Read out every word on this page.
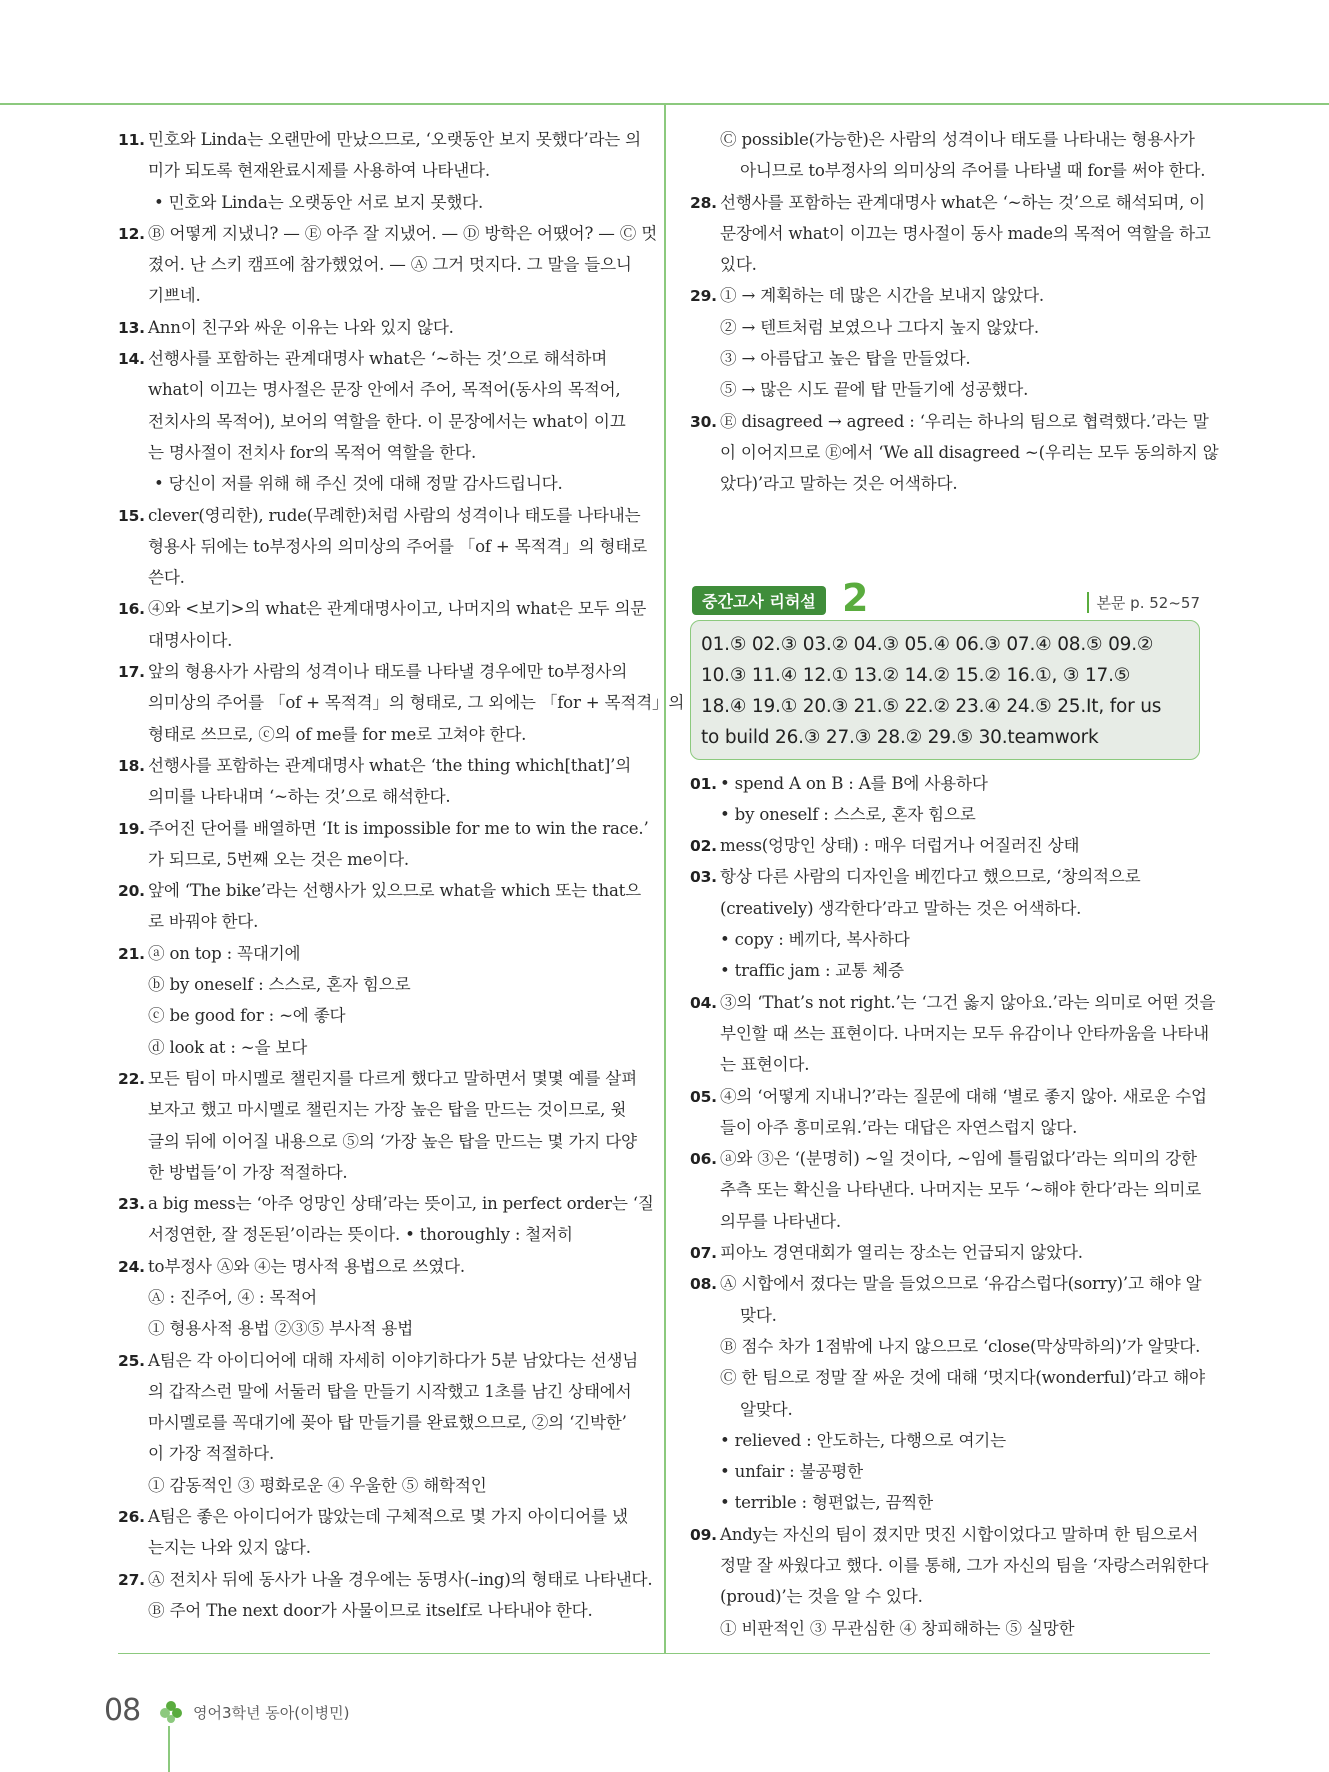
11. 민호와 Linda는 오랜만에 만났으므로, ‘오랫동안 보지 못했다’라는 의
미가 되도록 현재완료시제를 사용하여 나타낸다.
• 민호와 Linda는 오랫동안 서로 보지 못했다.
12. Ⓑ 어떻게 지냈니? — Ⓔ 아주 잘 지냈어. — Ⓓ 방학은 어땠어? — Ⓒ 멋
졌어. 난 스키 캠프에 참가했었어. — Ⓐ 그거 멋지다. 그 말을 들으니
기쁘네.
13. Ann이 친구와 싸운 이유는 나와 있지 않다.
14. 선행사를 포함하는 관계대명사 what은 ‘~하는 것’으로 해석하며
what이 이끄는 명사절은 문장 안에서 주어, 목적어(동사의 목적어,
전치사의 목적어), 보어의 역할을 한다. 이 문장에서는 what이 이끄
는 명사절이 전치사 for의 목적어 역할을 한다.
• 당신이 저를 위해 해 주신 것에 대해 정말 감사드립니다.
15. clever(영리한), rude(무례한)처럼 사람의 성격이나 태도를 나타내는
형용사 뒤에는 to부정사의 의미상의 주어를 「of + 목적격」의 형태로
쓴다.
16. ④와 <보기>의 what은 관계대명사이고, 나머지의 what은 모두 의문
대명사이다.
17. 앞의 형용사가 사람의 성격이나 태도를 나타낼 경우에만 to부정사의
의미상의 주어를 「of + 목적격」의 형태로, 그 외에는 「for + 목적격」의
형태로 쓰므로, ⓒ의 of me를 for me로 고쳐야 한다.
18. 선행사를 포함하는 관계대명사 what은 ‘the thing which[that]’의
의미를 나타내며 ‘~하는 것’으로 해석한다.
19. 주어진 단어를 배열하면 ‘It is impossible for me to win the race.’
가 되므로, 5번째 오는 것은 me이다.
20. 앞에 ‘The bike’라는 선행사가 있으므로 what을 which 또는 that으
로 바꿔야 한다.
21. ⓐ on top : 꼭대기에
ⓑ by oneself : 스스로, 혼자 힘으로
ⓒ be good for : ~에 좋다
ⓓ look at : ~을 보다
22. 모든 팀이 마시멜로 챌린지를 다르게 했다고 말하면서 몇몇 예를 살펴
보자고 했고 마시멜로 챌린지는 가장 높은 탑을 만드는 것이므로, 윗
글의 뒤에 이어질 내용으로 ⑤의 ‘가장 높은 탑을 만드는 몇 가지 다양
한 방법들’이 가장 적절하다.
23. a big mess는 ‘아주 엉망인 상태’라는 뜻이고, in perfect order는 ‘질
서정연한, 잘 정돈된’이라는 뜻이다. • thoroughly : 철저히
24. to부정사 Ⓐ와 ④는 명사적 용법으로 쓰였다.
Ⓐ : 진주어, ④ : 목적어
① 형용사적 용법 ②③⑤ 부사적 용법
25. A팀은 각 아이디어에 대해 자세히 이야기하다가 5분 남았다는 선생님
의 갑작스런 말에 서둘러 탑을 만들기 시작했고 1초를 남긴 상태에서
마시멜로를 꼭대기에 꽂아 탑 만들기를 완료했으므로, ②의 ‘긴박한’
이 가장 적절하다.
① 감동적인 ③ 평화로운 ④ 우울한 ⑤ 해학적인
26. A팀은 좋은 아이디어가 많았는데 구체적으로 몇 가지 아이디어를 냈
는지는 나와 있지 않다.
27. Ⓐ 전치사 뒤에 동사가 나올 경우에는 동명사(–ing)의 형태로 나타낸다.
Ⓑ 주어 The next door가 사물이므로 itself로 나타내야 한다.
Ⓒ possible(가능한)은 사람의 성격이나 태도를 나타내는 형용사가
아니므로 to부정사의 의미상의 주어를 나타낼 때 for를 써야 한다.
28. 선행사를 포함하는 관계대명사 what은 ‘~하는 것’으로 해석되며, 이
문장에서 what이 이끄는 명사절이 동사 made의 목적어 역할을 하고
있다.
29. ① → 계획하는 데 많은 시간을 보내지 않았다.
② → 텐트처럼 보였으나 그다지 높지 않았다.
③ → 아름답고 높은 탑을 만들었다.
⑤ → 많은 시도 끝에 탑 만들기에 성공했다.
30. Ⓔ disagreed → agreed : ‘우리는 하나의 팀으로 협력했다.’라는 말
이 이어지므로 Ⓔ에서 ‘We all disagreed ~(우리는 모두 동의하지 않
았다)’라고 말하는 것은 어색하다.
중간고사 리허설 2	본문 p. 52~57
01.⑤ 02.③ 03.② 04.③ 05.④ 06.③ 07.④ 08.⑤ 09.②
10.③ 11.④ 12.① 13.② 14.② 15.② 16.①, ③ 17.⑤
18.④ 19.① 20.③ 21.⑤ 22.② 23.④ 24.⑤ 25.It, for us
to build 26.③ 27.③ 28.② 29.⑤ 30.teamwork
01. • spend A on B : A를 B에 사용하다
• by oneself : 스스로, 혼자 힘으로
02. mess(엉망인 상태) : 매우 더럽거나 어질러진 상태
03. 항상 다른 사람의 디자인을 베낀다고 했으므로, ‘창의적으로
(creatively) 생각한다’라고 말하는 것은 어색하다.
• copy : 베끼다, 복사하다
• traffic jam : 교통 체증
04. ③의 ‘That’s not right.’는 ‘그건 옳지 않아요.’라는 의미로 어떤 것을
부인할 때 쓰는 표현이다. 나머지는 모두 유감이나 안타까움을 나타내
는 표현이다.
05. ④의 ‘어떻게 지내니?’라는 질문에 대해 ‘별로 좋지 않아. 새로운 수업
들이 아주 흥미로워.’라는 대답은 자연스럽지 않다.
06. ⓐ와 ③은 ‘(분명히) ~일 것이다, ~임에 틀림없다’라는 의미의 강한
추측 또는 확신을 나타낸다. 나머지는 모두 ‘~해야 한다’라는 의미로
의무를 나타낸다.
07. 피아노 경연대회가 열리는 장소는 언급되지 않았다.
08. Ⓐ 시합에서 졌다는 말을 들었으므로 ‘유감스럽다(sorry)’고 해야 알
맞다.
Ⓑ 점수 차가 1점밖에 나지 않으므로 ‘close(막상막하의)’가 알맞다.
Ⓒ 한 팀으로 정말 잘 싸운 것에 대해 ‘멋지다(wonderful)’라고 해야
알맞다.
• relieved : 안도하는, 다행으로 여기는
• unfair : 불공평한
• terrible : 형편없는, 끔찍한
09. Andy는 자신의 팀이 졌지만 멋진 시합이었다고 말하며 한 팀으로서
정말 잘 싸웠다고 했다. 이를 통해, 그가 자신의 팀을 ‘자랑스러워한다
(proud)’는 것을 알 수 있다.
① 비판적인 ③ 무관심한 ④ 창피해하는 ⑤ 실망한
08	영어3학년 동아(이병민)
